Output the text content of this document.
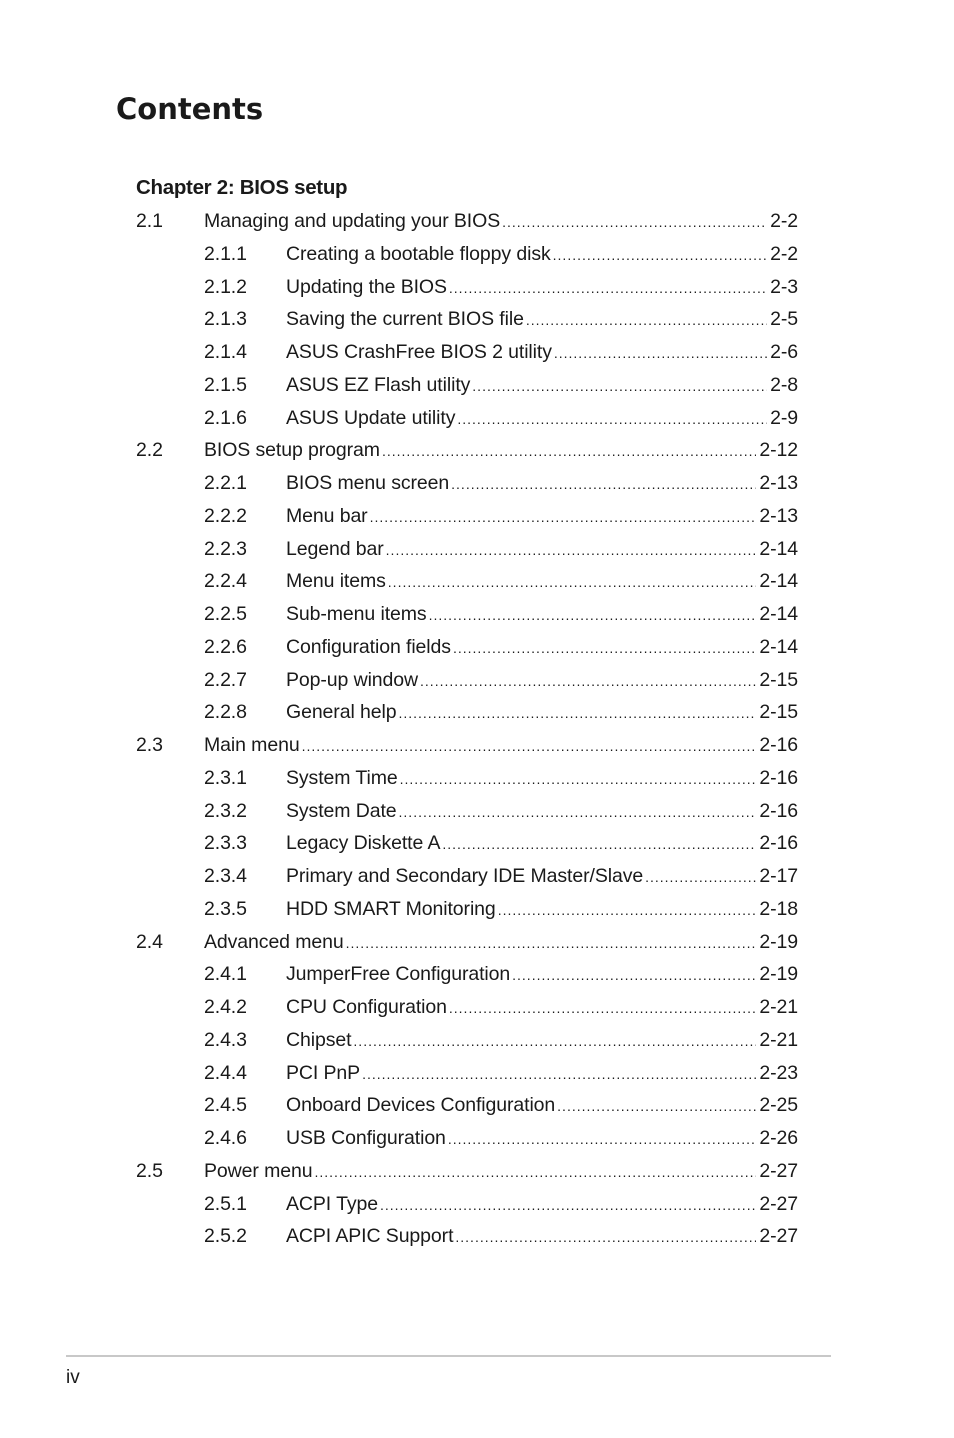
Contents
Chapter 2: BIOS setup
2.1 Managing and updating your BIOS .....	2-2
2.1.1 Creating a bootable floppy disk .....	2-2
2.1.2 Updating the BIOS .....	2-3
2.1.3 Saving the current BIOS file .....	2-5
2.1.4 ASUS CrashFree BIOS 2 utility .....	2-6
2.1.5 ASUS EZ Flash utility .....	2-8
2.1.6 ASUS Update utility .....	2-9
2.2 BIOS setup program .....	2-12
2.2.1 BIOS menu screen .....	2-13
2.2.2 Menu bar .....	2-13
2.2.3 Legend bar .....	2-14
2.2.4 Menu items .....	2-14
2.2.5 Sub-menu items .....	2-14
2.2.6 Configuration fields .....	2-14
2.2.7 Pop-up window .....	2-15
2.2.8 General help .....	2-15
2.3 Main menu .....	2-16
2.3.1 System Time .....	2-16
2.3.2 System Date .....	2-16
2.3.3 Legacy Diskette A .....	2-16
2.3.4 Primary and Secondary IDE Master/Slave .....	2-17
2.3.5 HDD SMART Monitoring .....	2-18
2.4 Advanced menu .....	2-19
2.4.1 JumperFree Configuration .....	2-19
2.4.2 CPU Configuration .....	2-21
2.4.3 Chipset .....	2-21
2.4.4 PCI PnP .....	2-23
2.4.5 Onboard Devices Configuration .....	2-25
2.4.6 USB Configuration .....	2-26
2.5 Power menu .....	2-27
2.5.1 ACPI Type .....	2-27
2.5.2 ACPI APIC Support .....	2-27
iv
